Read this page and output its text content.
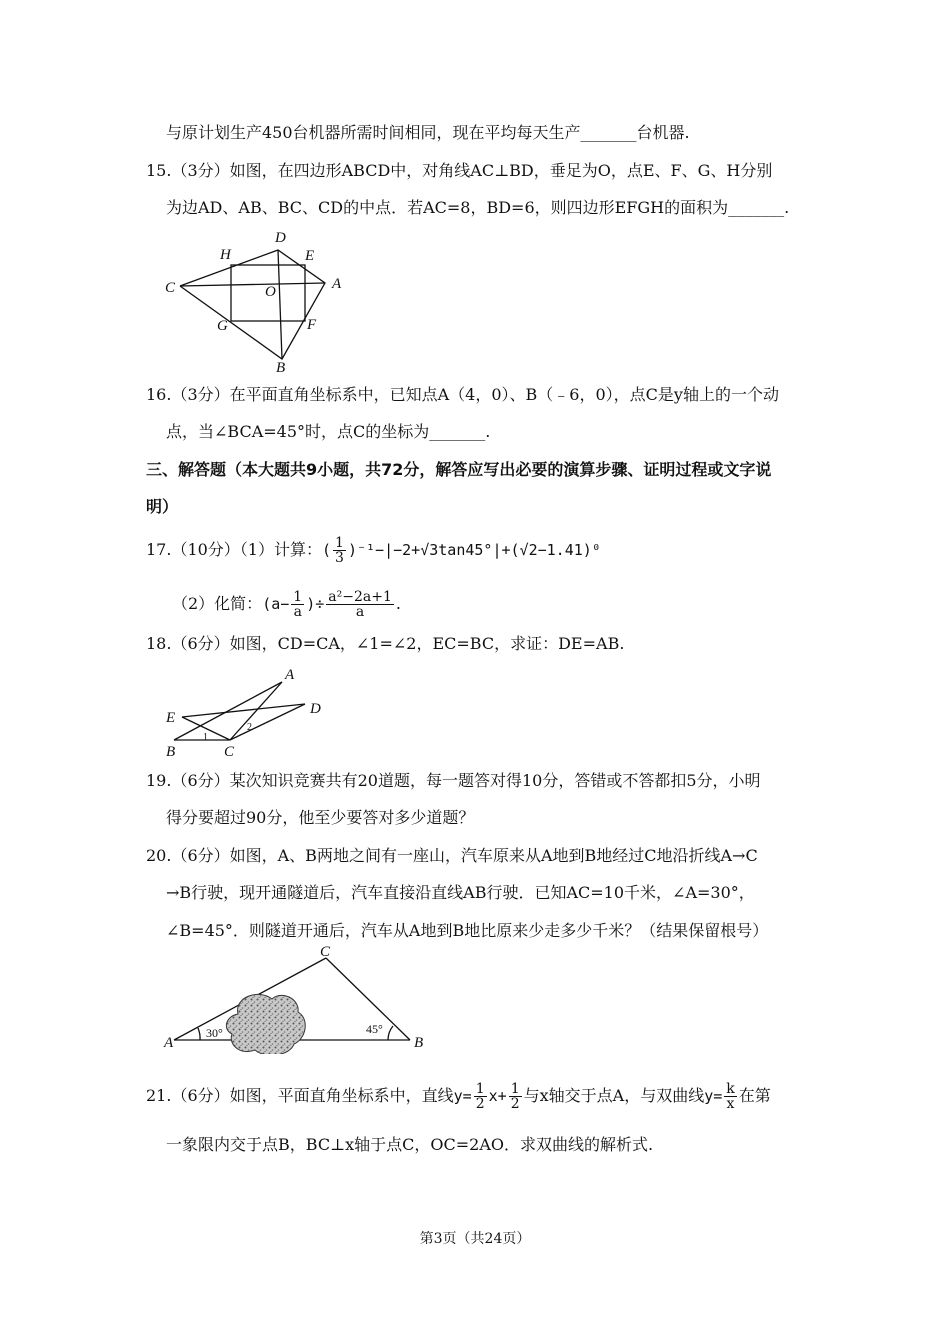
与原计划生产450台机器所需时间相同，现在平均每天生产_______台机器.
15.（3分）如图，在四边形ABCD中，对角线AC⊥BD，垂足为O，点E、F、G、H分别
为边AD、AB、BC、CD的中点．若AC=8，BD=6，则四边形EFGH的面积为_______.
D
H	E
C	O	A
G	F
B
16.（3分）在平面直角坐标系中，已知点A（4，0）、B（﹣6，0），点C是y轴上的一个动
点，当∠BCA=45°时，点C的坐标为_______.
三、解答题（本大题共9小题，共72分，解答应写出必要的演算步骤、证明过程或文字说
明）
17.（10分）（1）计算：( $\frac{1}{3} )^{-1}-|-2+√3\tan 45^\circ|+(√2-1.41)^0$
（2）化简：($a- \frac{1}{a}$ )÷ $\frac{\text{a²−2a+1}}{a}$ .
18.（6分）如图，CD=CA，∠1=∠2，EC=BC，求证：DE=AB.
A
D
E
B	C
1
2
19.（6分）某次知识竞赛共有20道题，每一题答对得10分，答错或不答都扣5分，小明
得分要超过90分，他至少要答对多少道题？
20.（6分）如图，A、B两地之间有一座山，汽车原来从A地到B地经过C地沿折线A→C
→B行驶，现开通隧道后，汽车直接沿直线AB行驶．已知AC=10千米，∠A=30°，
∠B=45°．则隧道开通后，汽车从A地到B地比原来少走多少千米？（结果保留根号）
C
A	B
30°	45°
21.（6分）如图，平面直角坐标系中，直线$y= \frac{1}{2} x+ \frac{1}{2}$ 与x轴交于点A，与双曲线$y= \frac{k}{x}$ 在第
一象限内交于点B，BC⊥x轴于点C，OC=2AO．求双曲线的解析式.
第3页（共24页）
